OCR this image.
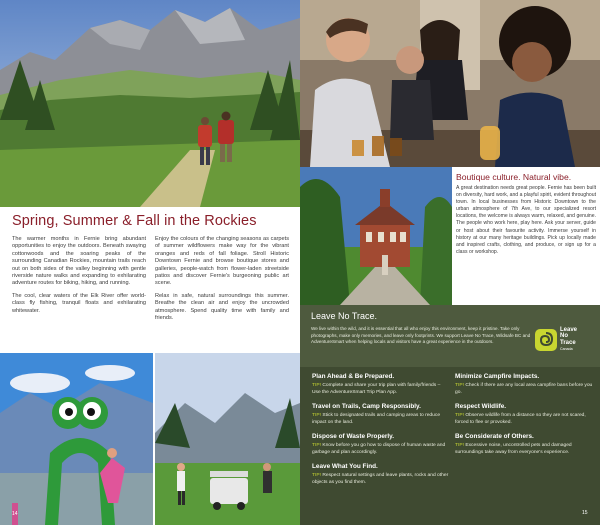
Spring, Summer & Fall in the Rockies

The warmer months in Fernie bring abundant opportunities to enjoy the outdoors. Beneath swaying cottonwoods and the soaring peaks of the surrounding Canadian Rockies, mountain trails reach out on both sides of the valley beginning with gentle riverside nature walks and expanding to exhilarating adventure routes for biking, hiking, and running.

The cool, clear waters of the Elk River offer world-class fly fishing, tranquil floats and exhilarating whitewater.

Enjoy the colours of the changing seasons as carpets of summer wildflowers make way for the vibrant oranges and reds of fall foliage. Stroll Historic Downtown Fernie and browse boutique stores and galleries, people-watch from flower-laden streetside patios and discover Fernie's burgeoning public art scene.

Relax in safe, natural surroundings this summer. Breathe the clean air and enjoy the uncrowded atmosphere. Spend quality time with family and friends.

Boutique culture. Natural vibe.

A great destination needs great people. Fernie has been built on diversity, hard work, and a playful spirit, evident throughout town. In local businesses from Historic Downtown to the urban atmosphere of 7th Ave, to our specialized resort locations, the welcome is always warm, relaxed, and genuine. The people who work here, play here. Ask your server, guide or host about their favourite activity. Immerse yourself in history at our many heritage buildings. Pick up locally made and inspired crafts, clothing, and produce, or sign up for a class or workshop.

14
Leave No Trace.

We live within the wild, and it is essential that all who enjoy this environment, keep it pristine. Take only photographs, make only memories, and leave only footprints. We support Leave No Trace, Wildsafe BC and AdventureSmart when helping locals and visitors have a great experience in the outdoors.

Leave
No
Trace
Canada
Plan Ahead & Be Prepared.

TIP! Complete and share your trip plan with family/friends – Use the AdventureSmart Trip Plan App.

Travel on Trails, Camp Responsibly.

TIP! Stick to designated trails and camping areas to reduce impact on the land.

Dispose of Waste Properly.

TIP! Know before you go how to dispose of human waste and garbage and plan accordingly.

Leave What You Find.

TIP! Respect natural settings and leave plants, rocks and other objects as you find them.

Minimize Campfire Impacts.

TIP! Check if there are any local area campfire bans before you go.

Respect Wildlife.

TIP! Observe wildlife from a distance so they are not scared, forced to flee or provoked.

Be Considerate of Others.

TIP! Excessive noise, uncontrolled pets and damaged surroundings take away from everyone's experience.

15
